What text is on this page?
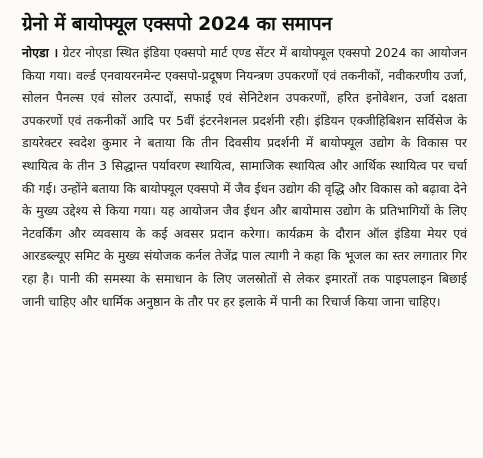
ग्रेनो में बायोफ्यूल एक्सपो 2024 का समापन

नोएडा । ग्रेटर नोएडा स्थित इंडिया एक्सपो मार्ट एण्ड सेंटर में बायोफ्यूल एक्सपो 2024 का आयोजन किया गया। वर्ल्ड एनवायरनमेन्ट एक्सपो-प्रदूषण नियन्त्रण उपकरणों एवं तकनीकों, नवीकरणीय उर्जा, सोलन पैनल्स एवं सोलर उत्पादों, सफाई एवं सेनिटेशन उपकरणों, हरित इनोवेशन, उर्जा दक्षता उपकरणों एवं तकनीकों आदि पर 5वीं इंटरनेशनल प्रदर्शनी रही। इंडियन एक्जीहिबिशन सर्विसेज के डायरेक्टर स्वदेश कुमार ने बताया कि तीन दिवसीय प्रदर्शनी में बायोफ्यूल उद्योग के विकास पर स्थायित्व के तीन 3 सिद्धान्त पर्यावरण स्थायित्व, सामाजिक स्थायित्व और आर्थिक स्थायित्व पर चर्चा की गई। उन्होंने बताया कि बायोफ्यूल एक्सपो में जैव ईधन उद्योग की वृद्धि और विकास को बढ़ावा देने के मुख्य उद्देश्य से किया गया। यह आयोजन जैव ईधन और बायोमास उद्योग के प्रतिभागियों के लिए नेटवर्किंग और व्यवसाय के कई अवसर प्रदान करेगा। कार्यक्रम के दौरान ऑल इंडिया मेयर एवं आरडब्ल्यूए समिट के मुख्य संयोजक कर्नल तेजेंद्र पाल त्यागी ने कहा कि भूजल का स्तर लगातार गिर रहा है। पानी की समस्या के समाधान के लिए जलस्रोतों से लेकर इमारतों तक पाइपलाइन बिछाई जानी चाहिए और धार्मिक अनुष्ठान के तौर पर हर इलाके में पानी का रिचार्ज किया जाना चाहिए।
